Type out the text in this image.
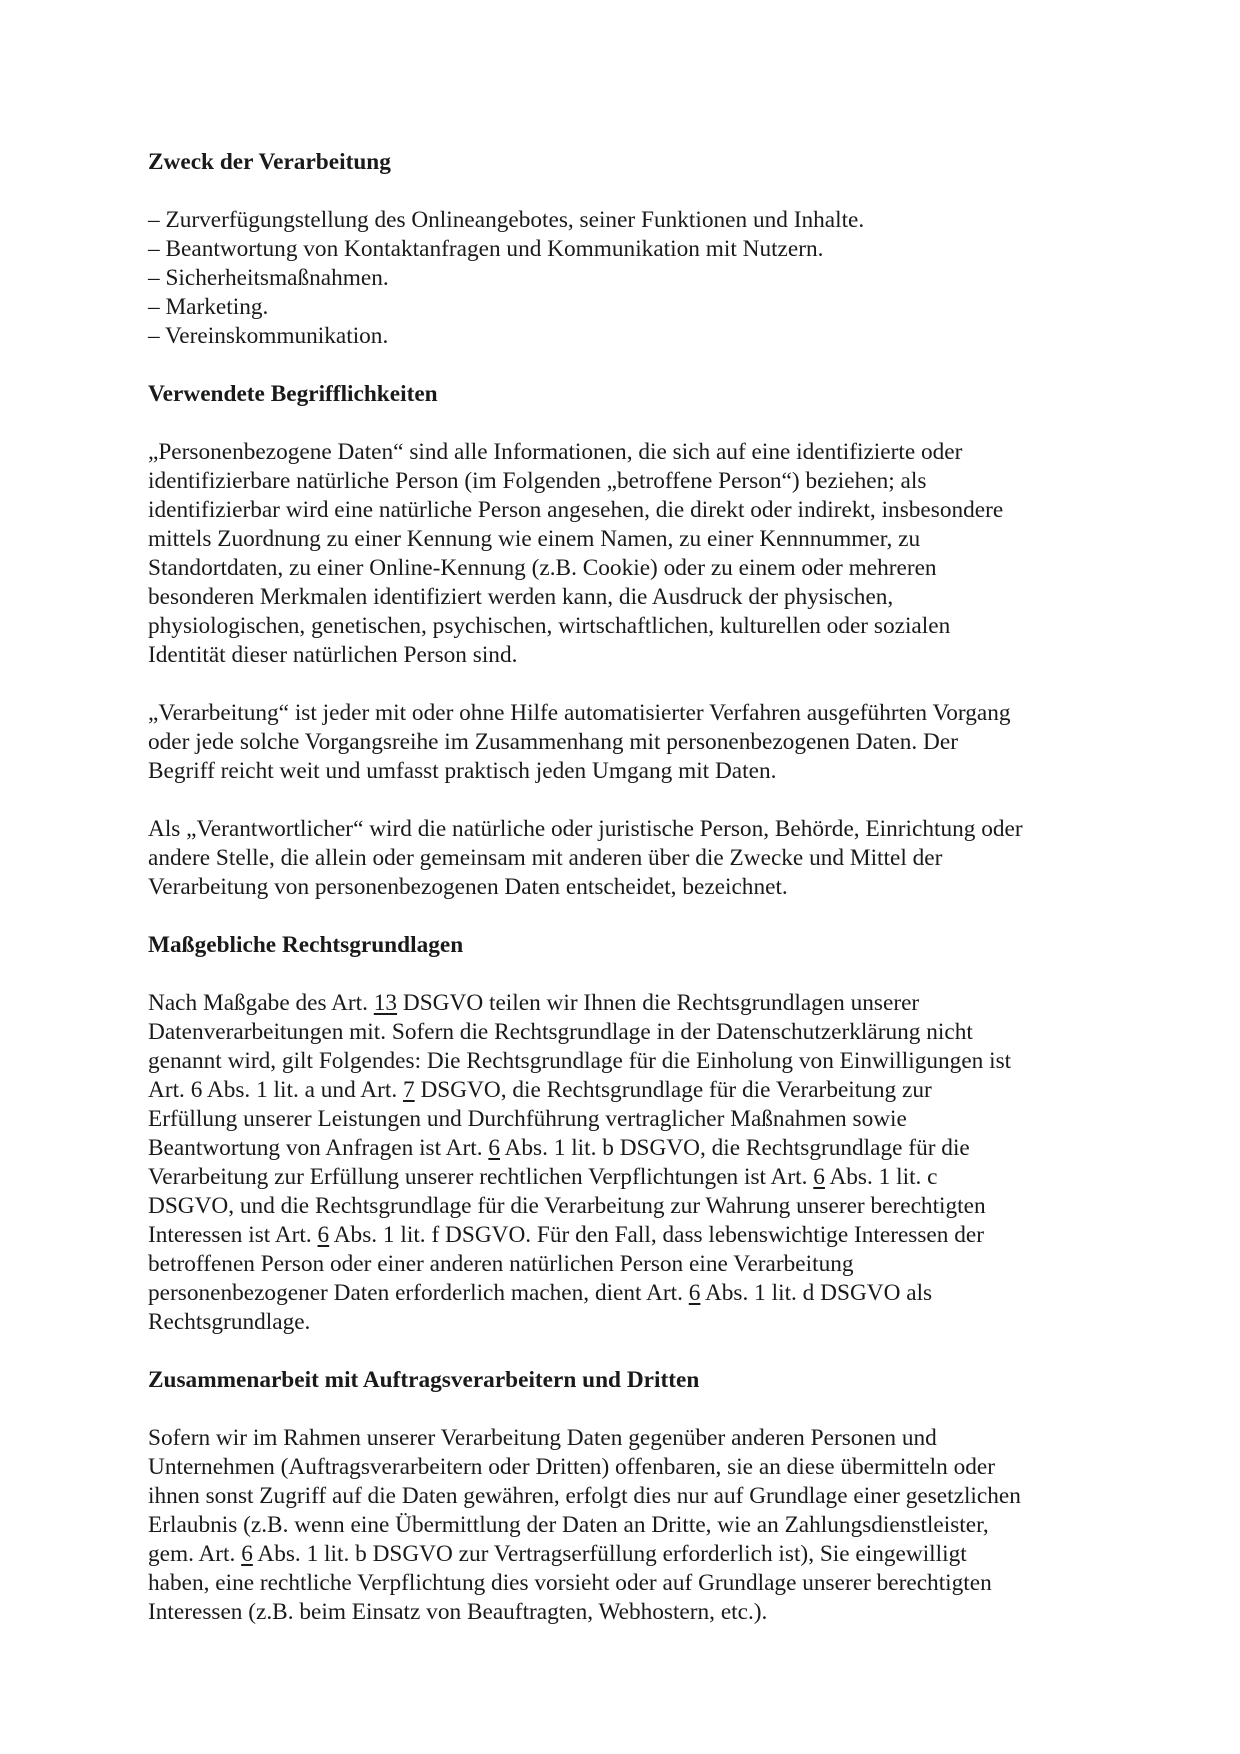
Zweck der Verarbeitung
– Zurverfügungstellung des Onlineangebotes, seiner Funktionen und Inhalte.
– Beantwortung von Kontaktanfragen und Kommunikation mit Nutzern.
– Sicherheitsmaßnahmen.
– Marketing.
– Vereinskommunikation.
Verwendete Begrifflichkeiten
„Personenbezogene Daten“ sind alle Informationen, die sich auf eine identifizierte oder
identifizierbare natürliche Person (im Folgenden „betroffene Person“) beziehen; als
identifizierbar wird eine natürliche Person angesehen, die direkt oder indirekt, insbesondere
mittels Zuordnung zu einer Kennung wie einem Namen, zu einer Kennnummer, zu
Standortdaten, zu einer Online-Kennung (z.B. Cookie) oder zu einem oder mehreren
besonderen Merkmalen identifiziert werden kann, die Ausdruck der physischen,
physiologischen, genetischen, psychischen, wirtschaftlichen, kulturellen oder sozialen
Identität dieser natürlichen Person sind.
„Verarbeitung“ ist jeder mit oder ohne Hilfe automatisierter Verfahren ausgeführten Vorgang
oder jede solche Vorgangsreihe im Zusammenhang mit personenbezogenen Daten. Der
Begriff reicht weit und umfasst praktisch jeden Umgang mit Daten.
Als „Verantwortlicher“ wird die natürliche oder juristische Person, Behörde, Einrichtung oder
andere Stelle, die allein oder gemeinsam mit anderen über die Zwecke und Mittel der
Verarbeitung von personenbezogenen Daten entscheidet, bezeichnet.
Maßgebliche Rechtsgrundlagen
Nach Maßgabe des Art. 13 DSGVO teilen wir Ihnen die Rechtsgrundlagen unserer
Datenverarbeitungen mit. Sofern die Rechtsgrundlage in der Datenschutzerklärung nicht
genannt wird, gilt Folgendes: Die Rechtsgrundlage für die Einholung von Einwilligungen ist
Art. 6 Abs. 1 lit. a und Art. 7 DSGVO, die Rechtsgrundlage für die Verarbeitung zur
Erfüllung unserer Leistungen und Durchführung vertraglicher Maßnahmen sowie
Beantwortung von Anfragen ist Art. 6 Abs. 1 lit. b DSGVO, die Rechtsgrundlage für die
Verarbeitung zur Erfüllung unserer rechtlichen Verpflichtungen ist Art. 6 Abs. 1 lit. c
DSGVO, und die Rechtsgrundlage für die Verarbeitung zur Wahrung unserer berechtigten
Interessen ist Art. 6 Abs. 1 lit. f DSGVO. Für den Fall, dass lebenswichtige Interessen der
betroffenen Person oder einer anderen natürlichen Person eine Verarbeitung
personenbezogener Daten erforderlich machen, dient Art. 6 Abs. 1 lit. d DSGVO als
Rechtsgrundlage.
Zusammenarbeit mit Auftragsverarbeitern und Dritten
Sofern wir im Rahmen unserer Verarbeitung Daten gegenüber anderen Personen und
Unternehmen (Auftragsverarbeitern oder Dritten) offenbaren, sie an diese übermitteln oder
ihnen sonst Zugriff auf die Daten gewähren, erfolgt dies nur auf Grundlage einer gesetzlichen
Erlaubnis (z.B. wenn eine Übermittlung der Daten an Dritte, wie an Zahlungsdienstleister,
gem. Art. 6 Abs. 1 lit. b DSGVO zur Vertragserfüllung erforderlich ist), Sie eingewilligt
haben, eine rechtliche Verpflichtung dies vorsieht oder auf Grundlage unserer berechtigten
Interessen (z.B. beim Einsatz von Beauftragten, Webhostern, etc.).
